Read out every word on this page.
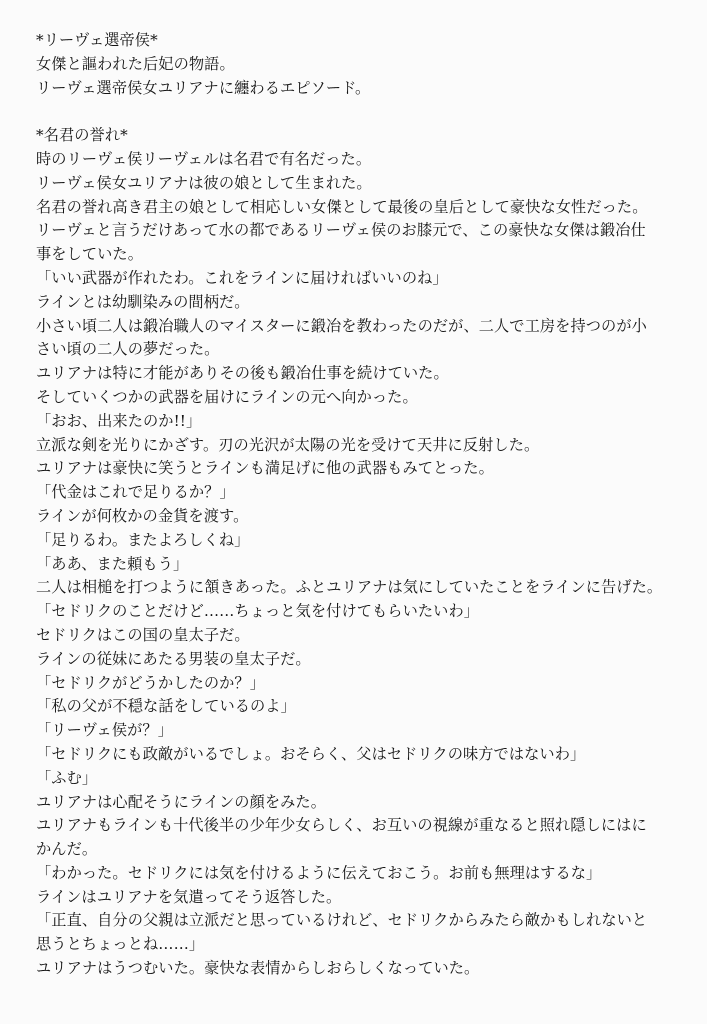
*リーヴェ選帝侯*
女傑と謳われた后妃の物語。
リーヴェ選帝侯女ユリアナに纏わるエピソード。
*名君の誉れ*
時のリーヴェ侯リーヴェルは名君で有名だった。
リーヴェ侯女ユリアナは彼の娘として生まれた。
名君の誉れ高き君主の娘として相応しい女傑として最後の皇后として豪快な女性だった。
リーヴェと言うだけあって水の都であるリーヴェ侯のお膝元で、この豪快な女傑は鍛冶仕
事をしていた。
「いい武器が作れたわ。これをラインに届ければいいのね」
ラインとは幼馴染みの間柄だ。
小さい頃二人は鍛冶職人のマイスターに鍛冶を教わったのだが、二人で工房を持つのが小
さい頃の二人の夢だった。
ユリアナは特に才能がありその後も鍛冶仕事を続けていた。
そしていくつかの武器を届けにラインの元へ向かった。
「おお、出来たのか!!」
立派な剣を光りにかざす。刃の光沢が太陽の光を受けて天井に反射した。
ユリアナは豪快に笑うとラインも満足げに他の武器もみてとった。
「代金はこれで足りるか？」
ラインが何枚かの金貨を渡す。
「足りるわ。またよろしくね」
「ああ、また頼もう」
二人は相槌を打つように頷きあった。ふとユリアナは気にしていたことをラインに告げた。
「セドリクのことだけど……ちょっと気を付けてもらいたいわ」
セドリクはこの国の皇太子だ。
ラインの従妹にあたる男装の皇太子だ。
「セドリクがどうかしたのか？」
「私の父が不穏な話をしているのよ」
「リーヴェ侯が？」
「セドリクにも政敵がいるでしょ。おそらく、父はセドリクの味方ではないわ」
「ふむ」
ユリアナは心配そうにラインの顔をみた。
ユリアナもラインも十代後半の少年少女らしく、お互いの視線が重なると照れ隠しにはに
かんだ。
「わかった。セドリクには気を付けるように伝えておこう。お前も無理はするな」
ラインはユリアナを気遣ってそう返答した。
「正直、自分の父親は立派だと思っているけれど、セドリクからみたら敵かもしれないと
思うとちょっとね……」
ユリアナはうつむいた。豪快な表情からしおらしくなっていた。
